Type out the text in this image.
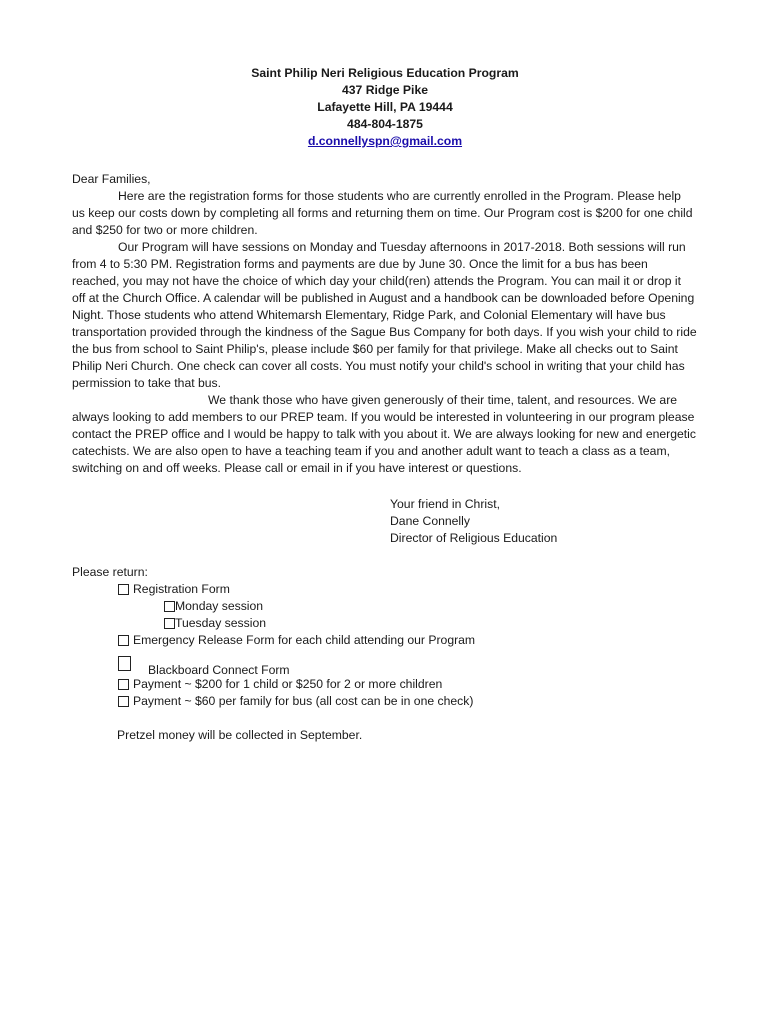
Saint Philip Neri Religious Education Program
437 Ridge Pike
Lafayette Hill, PA 19444
484-804-1875
d.connellyspn@gmail.com

Dear Families,

Here are the registration forms for those students who are currently enrolled in the Program. Please help us keep our costs down by completing all forms and returning them on time. Our Program cost is $200 for one child and $250 for two or more children.

Our Program will have sessions on Monday and Tuesday afternoons in 2017-2018. Both sessions will run from 4 to 5:30 PM. Registration forms and payments are due by June 30. Once the limit for a bus has been reached, you may not have the choice of which day your child(ren) attends the Program. You can mail it or drop it off at the Church Office. A calendar will be published in August and a handbook can be downloaded before Opening Night. Those students who attend Whitemarsh Elementary, Ridge Park, and Colonial Elementary will have bus transportation provided through the kindness of the Sague Bus Company for both days. If you wish your child to ride the bus from school to Saint Philip's, please include $60 per family for that privilege. Make all checks out to Saint Philip Neri Church. One check can cover all costs. You must notify your child's school in writing that your child has permission to take that bus.

We thank those who have given generously of their time, talent, and resources. We are always looking to add members to our PREP team. If you would be interested in volunteering in our program please contact the PREP office and I would be happy to talk with you about it. We are always looking for new and energetic catechists. We are also open to have a teaching team if you and another adult want to teach a class as a team, switching on and off weeks. Please call or email in if you have interest or questions.

Your friend in Christ,
Dane Connelly
Director of Religious Education
Please return:
Registration Form
Monday session
Tuesday session
Emergency Release Form for each child attending our Program
Blackboard Connect Form
Payment ~ $200 for 1 child or $250 for 2 or more children
Payment ~ $60 per family for bus (all cost can be in one check)
Pretzel money will be collected in September.
